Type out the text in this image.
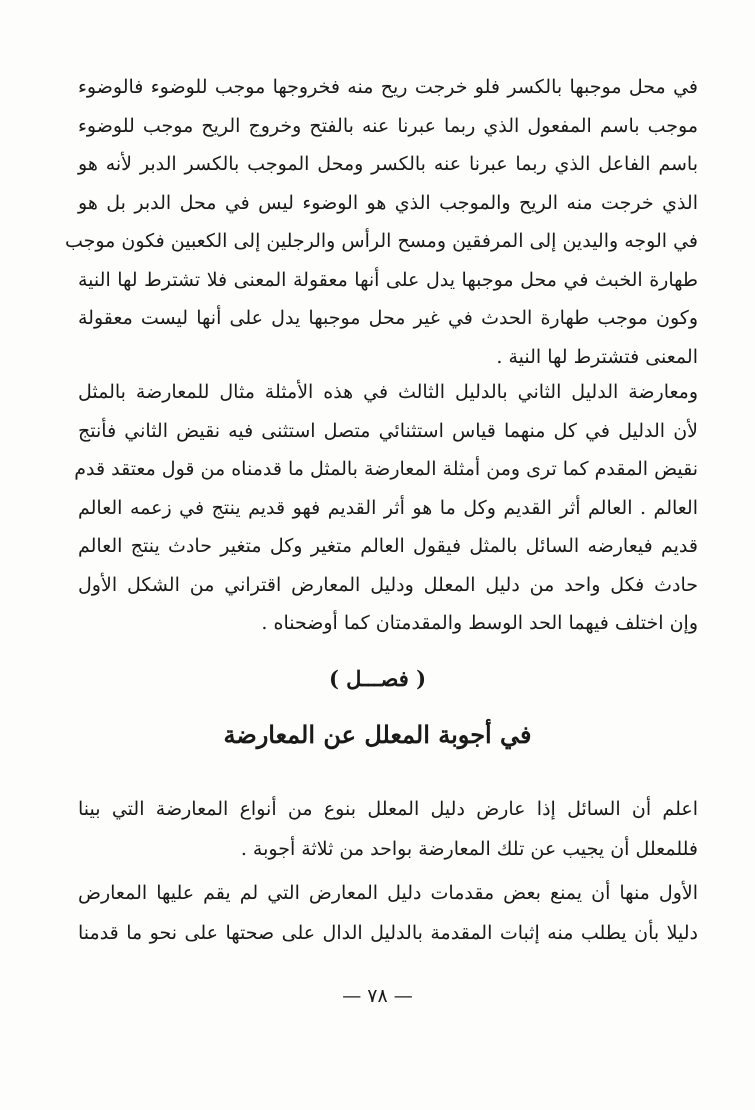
في محل موجبها بالكسر فلو خرجت ريح منه فخروجها موجب للوضوء فالوضوء
موجب باسم المفعول الذي ربما عبرنا عنه بالفتح وخروج الريح موجب للوضوء
باسم الفاعل الذي ربما عبرنا عنه بالكسر ومحل الموجب بالكسر الدبر لأنه هو
الذي خرجت منه الريح والموجب الذي هو الوضوء ليس في محل الدبر بل هو
في الوجه واليدين إلى المرفقين ومسح الرأس والرجلين إلى الكعبين فكون موجب
طهارة الخبث في محل موجبها يدل على أنها معقولة المعنى فلا تشترط لها النية
وكون موجب طهارة الحدث في غير محل موجبها يدل على أنها ليست معقولة
المعنى فتشترط لها النية .
ومعارضة الدليل الثاني بالدليل الثالث في هذه الأمثلة مثال للمعارضة بالمثل
لأن الدليل في كل منهما قياس استثنائي متصل استثنى فيه نقيض الثاني فأنتج
نقيض المقدم كما ترى ومن أمثلة المعارضة بالمثل ما قدمناه من قول معتقد قدم
العالم . العالم أثر القديم وكل ما هو أثر القديم فهو قديم ينتج في زعمه العالم
قديم فيعارضه السائل بالمثل فيقول العالم متغير وكل متغير حادث ينتج العالم
حادث فكل واحد من دليل المعلل ودليل المعارض اقتراني من الشكل الأول
وإن اختلف فيهما الحد الوسط والمقدمتان كما أوضحناه .
( فصـــل )
في أجوبة المعلل عن المعارضة
اعلم أن السائل إذا عارض دليل المعلل بنوع من أنواع المعارضة التي بينا
فللمعلل أن يجيب عن تلك المعارضة بواحد من ثلاثة أجوبة .
الأول منها أن يمنع بعض مقدمات دليل المعارض التي لم يقم عليها المعارض
دليلا بأن يطلب منه إثبات المقدمة بالدليل الدال على صحتها على نحو ما قدمنا
— ٧٨ —
